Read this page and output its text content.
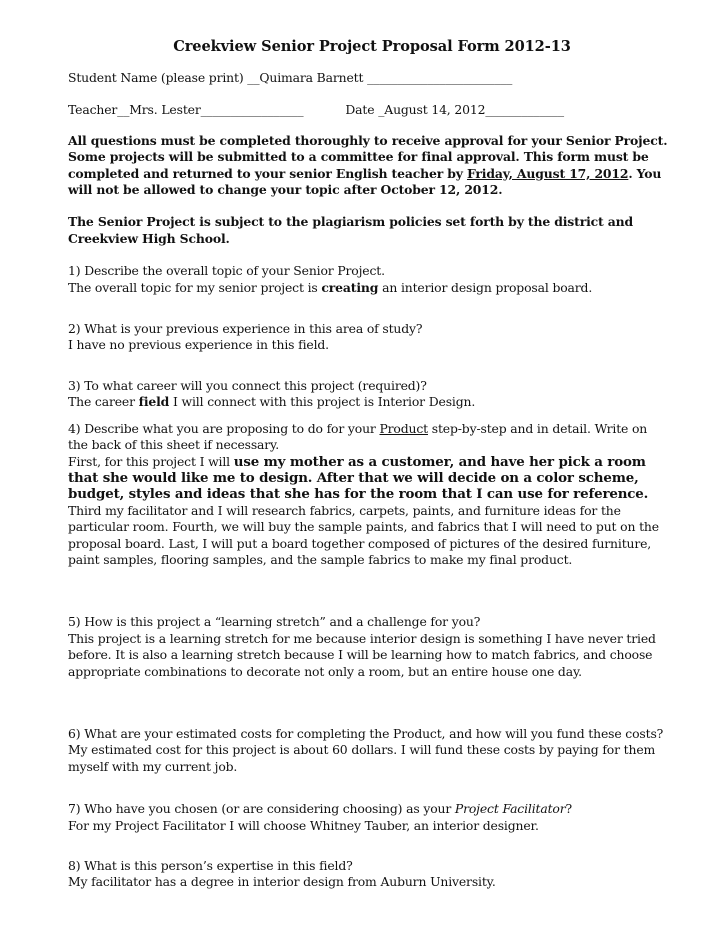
Creekview Senior Project Proposal Form 2012-13
Student Name (please print) __Quimara Barnett ________________________
Teacher__Mrs. Lester_________________	Date _August 14, 2012_____________

All questions must be completed thoroughly to receive approval for your Senior Project. Some projects will be submitted to a committee for final approval. This form must be completed and returned to your senior English teacher by Friday, August 17, 2012. You will not be allowed to change your topic after October 12, 2012.

The Senior Project is subject to the plagiarism policies set forth by the district and Creekview High School.

1) Describe the overall topic of your Senior Project.

The overall topic for my senior project is creating an interior design proposal board.

2) What is your previous experience in this area of study?

I have no previous experience in this field.

3) To what career will you connect this project (required)?

The career field I will connect with this project is Interior Design.

4) Describe what you are proposing to do for your Product step-by-step and in detail. Write on the back of this sheet if necessary.

First, for this project I will use my mother as a customer, and have her pick a room that she would like me to design. After that we will decide on a color scheme, budget, styles and ideas that she has for the room that I can use for reference. Third my facilitator and I will research fabrics, carpets, paints, and furniture ideas for the particular room. Fourth, we will buy the sample paints, and fabrics that I will need to put on the proposal board. Last, I will put a board together composed of pictures of the desired furniture, paint samples, flooring samples, and the sample fabrics to make my final product.

5) How is this project a “learning stretch” and a challenge for you?

This project is a learning stretch for me because interior design is something I have never tried before. It is also a learning stretch because I will be learning how to match fabrics, and choose appropriate combinations to decorate not only a room, but an entire house one day.

6) What are your estimated costs for completing the Product, and how will you fund these costs?

My estimated cost for this project is about 60 dollars. I will fund these costs by paying for them myself with my current job.

7) Who have you chosen (or are considering choosing) as your Project Facilitator?

For my Project Facilitator I will choose Whitney Tauber, an interior designer.

8) What is this person’s expertise in this field?

My facilitator has a degree in interior design from Auburn University.
